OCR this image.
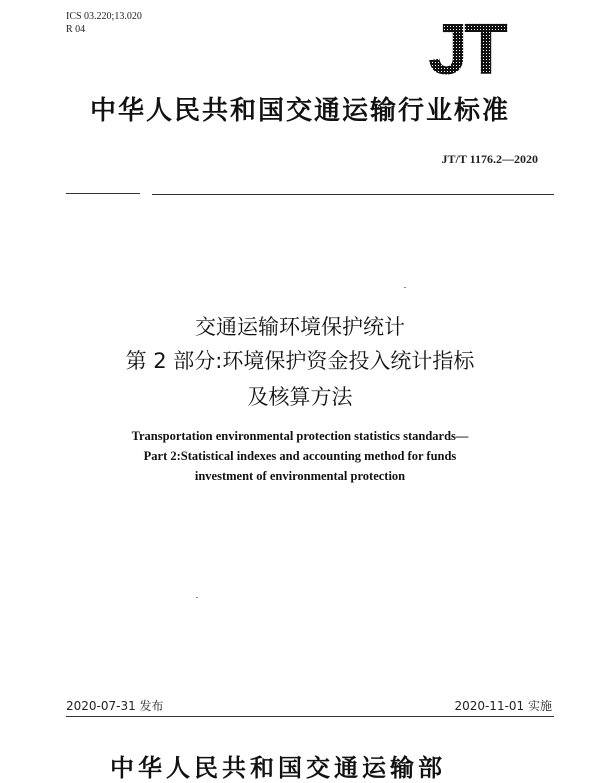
ICS 03.220;13.020
R 04	JT
中华人民共和国交通运输行业标准
JT/T 1176.2—2020
交通运输环境保护统计
第 2 部分:环境保护资金投入统计指标
及核算方法
Transportation environmental protection statistics standards—
Part 2:Statistical indexes and accounting method for funds
investment of environmental protection
2020-07-31 发布	2020-11-01 实施
中华人民共和国交通运输部
